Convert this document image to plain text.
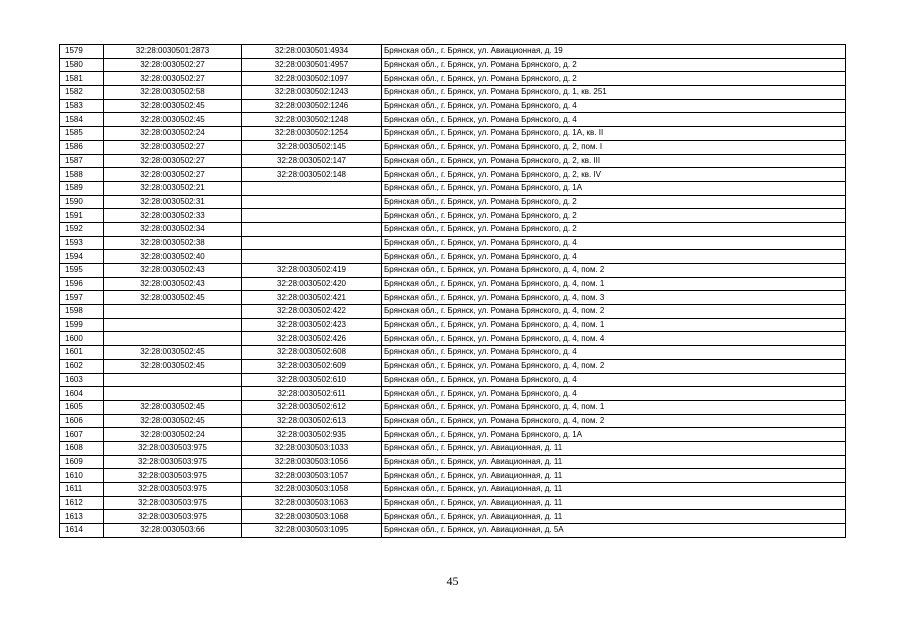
1579	32:28:0030501:2873	32:28:0030501:4934	Брянская обл., г. Брянск, ул. Авиационная, д. 19
1580	32:28:0030502:27	32:28:0030501:4957	Брянская обл., г. Брянск, ул. Романа Брянского, д. 2
1581	32:28:0030502:27	32:28:0030502:1097	Брянская обл., г. Брянск, ул. Романа Брянского, д. 2
1582	32:28:0030502:58	32:28:0030502:1243	Брянская обл., г. Брянск, ул. Романа Брянского, д. 1, кв. 251
1583	32:28:0030502:45	32:28:0030502:1246	Брянская обл., г. Брянск, ул. Романа Брянского, д. 4
1584	32:28:0030502:45	32:28:0030502:1248	Брянская обл., г. Брянск, ул. Романа Брянского, д. 4
1585	32:28:0030502:24	32:28:0030502:1254	Брянская обл., г. Брянск, ул. Романа Брянского, д. 1А, кв. II
1586	32:28:0030502:27	32:28:0030502:145	Брянская обл., г. Брянск, ул. Романа Брянского, д. 2, пом. I
1587	32:28:0030502:27	32:28:0030502:147	Брянская обл., г. Брянск, ул. Романа Брянского, д. 2, кв. III
1588	32:28:0030502:27	32:28:0030502:148	Брянская обл., г. Брянск, ул. Романа Брянского, д. 2, кв. IV
1589	32:28:0030502:21		Брянская обл., г. Брянск, ул. Романа Брянского, д. 1А
1590	32:28:0030502:31		Брянская обл., г. Брянск, ул. Романа Брянского, д. 2
1591	32:28:0030502:33		Брянская обл., г. Брянск, ул. Романа Брянского, д. 2
1592	32:28:0030502:34		Брянская обл., г. Брянск, ул. Романа Брянского, д. 2
1593	32:28:0030502:38		Брянская обл., г. Брянск, ул. Романа Брянского, д. 4
1594	32:28:0030502:40		Брянская обл., г. Брянск, ул. Романа Брянского, д. 4
1595	32:28:0030502:43	32:28:0030502:419	Брянская обл., г. Брянск, ул. Романа Брянского, д. 4, пом. 2
1596	32:28:0030502:43	32:28:0030502:420	Брянская обл., г. Брянск, ул. Романа Брянского, д. 4, пом. 1
1597	32:28:0030502:45	32:28:0030502:421	Брянская обл., г. Брянск, ул. Романа Брянского, д. 4, пом. 3
1598		32:28:0030502:422	Брянская обл., г. Брянск, ул. Романа Брянского, д. 4, пом. 2
1599		32:28:0030502:423	Брянская обл., г. Брянск, ул. Романа Брянского, д. 4, пом. 1
1600		32:28:0030502:426	Брянская обл., г. Брянск, ул. Романа Брянского, д. 4, пом. 4
1601	32:28:0030502:45	32:28:0030502:608	Брянская обл., г. Брянск, ул. Романа Брянского, д. 4
1602	32:28:0030502:45	32:28:0030502:609	Брянская обл., г. Брянск, ул. Романа Брянского, д. 4, пом. 2
1603		32:28:0030502:610	Брянская обл., г. Брянск, ул. Романа Брянского, д. 4
1604		32:28:0030502:611	Брянская обл., г. Брянск, ул. Романа Брянского, д. 4
1605	32:28:0030502:45	32:28:0030502:612	Брянская обл., г. Брянск, ул. Романа Брянского, д. 4, пом. 1
1606	32:28:0030502:45	32:28:0030502:613	Брянская обл., г. Брянск, ул. Романа Брянского, д. 4, пом. 2
1607	32:28:0030502:24	32:28:0030502:935	Брянская обл., г. Брянск, ул. Романа Брянского, д. 1А
1608	32:28:0030503:975	32:28:0030503:1033	Брянская обл., г. Брянск, ул. Авиационная, д. 11
1609	32:28:0030503:975	32:28:0030503:1056	Брянская обл., г. Брянск, ул. Авиационная, д. 11
1610	32:28:0030503:975	32:28:0030503:1057	Брянская обл., г. Брянск, ул. Авиационная, д. 11
1611	32:28:0030503:975	32:28:0030503:1058	Брянская обл., г. Брянск, ул. Авиационная, д. 11
1612	32:28:0030503:975	32:28:0030503:1063	Брянская обл., г. Брянск, ул. Авиационная, д. 11
1613	32:28:0030503:975	32:28:0030503:1068	Брянская обл., г. Брянск, ул. Авиационная, д. 11
1614	32:28:0030503:66	32:28:0030503:1095	Брянская обл., г. Брянск, ул. Авиационная, д. 5А
45
